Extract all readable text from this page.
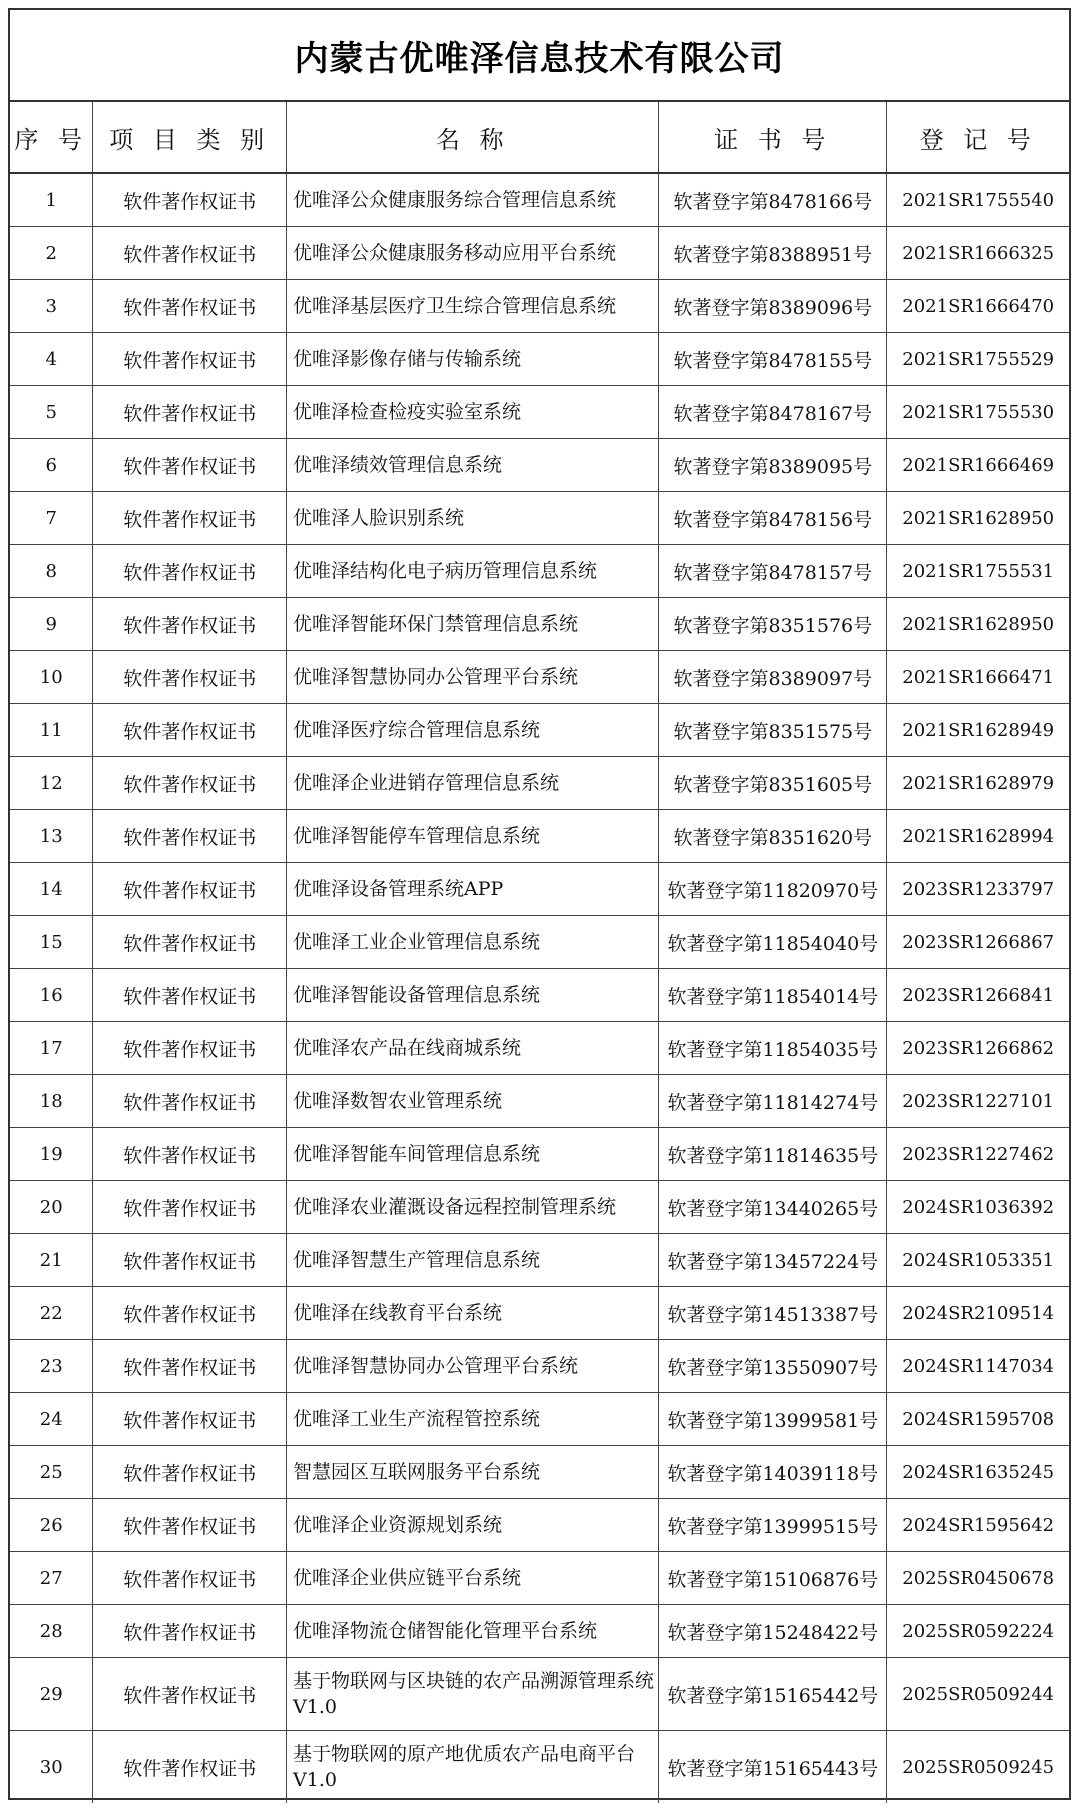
内蒙古优唯泽信息技术有限公司
序 号	项 目 类 别	名 称	证 书 号	登 记 号
1	软件著作权证书	优唯泽公众健康服务综合管理信息系统	软著登字第8478166号	2021SR1755540
2	软件著作权证书	优唯泽公众健康服务移动应用平台系统	软著登字第8388951号	2021SR1666325
3	软件著作权证书	优唯泽基层医疗卫生综合管理信息系统	软著登字第8389096号	2021SR1666470
4	软件著作权证书	优唯泽影像存储与传输系统	软著登字第8478155号	2021SR1755529
5	软件著作权证书	优唯泽检查检疫实验室系统	软著登字第8478167号	2021SR1755530
6	软件著作权证书	优唯泽绩效管理信息系统	软著登字第8389095号	2021SR1666469
7	软件著作权证书	优唯泽人脸识别系统	软著登字第8478156号	2021SR1628950
8	软件著作权证书	优唯泽结构化电子病历管理信息系统	软著登字第8478157号	2021SR1755531
9	软件著作权证书	优唯泽智能环保门禁管理信息系统	软著登字第8351576号	2021SR1628950
10	软件著作权证书	优唯泽智慧协同办公管理平台系统	软著登字第8389097号	2021SR1666471
11	软件著作权证书	优唯泽医疗综合管理信息系统	软著登字第8351575号	2021SR1628949
12	软件著作权证书	优唯泽企业进销存管理信息系统	软著登字第8351605号	2021SR1628979
13	软件著作权证书	优唯泽智能停车管理信息系统	软著登字第8351620号	2021SR1628994
14	软件著作权证书	优唯泽设备管理系统APP	软著登字第11820970号	2023SR1233797
15	软件著作权证书	优唯泽工业企业管理信息系统	软著登字第11854040号	2023SR1266867
16	软件著作权证书	优唯泽智能设备管理信息系统	软著登字第11854014号	2023SR1266841
17	软件著作权证书	优唯泽农产品在线商城系统	软著登字第11854035号	2023SR1266862
18	软件著作权证书	优唯泽数智农业管理系统	软著登字第11814274号	2023SR1227101
19	软件著作权证书	优唯泽智能车间管理信息系统	软著登字第11814635号	2023SR1227462
20	软件著作权证书	优唯泽农业灌溉设备远程控制管理系统	软著登字第13440265号	2024SR1036392
21	软件著作权证书	优唯泽智慧生产管理信息系统	软著登字第13457224号	2024SR1053351
22	软件著作权证书	优唯泽在线教育平台系统	软著登字第14513387号	2024SR2109514
23	软件著作权证书	优唯泽智慧协同办公管理平台系统	软著登字第13550907号	2024SR1147034
24	软件著作权证书	优唯泽工业生产流程管控系统	软著登字第13999581号	2024SR1595708
25	软件著作权证书	智慧园区互联网服务平台系统	软著登字第14039118号	2024SR1635245
26	软件著作权证书	优唯泽企业资源规划系统	软著登字第13999515号	2024SR1595642
27	软件著作权证书	优唯泽企业供应链平台系统	软著登字第15106876号	2025SR0450678
28	软件著作权证书	优唯泽物流仓储智能化管理平台系统	软著登字第15248422号	2025SR0592224
29	软件著作权证书	基于物联网与区块链的农产品溯源管理系统V1.0	软著登字第15165442号	2025SR0509244
30	软件著作权证书	基于物联网的原产地优质农产品电商平台V1.0	软著登字第15165443号	2025SR0509245
